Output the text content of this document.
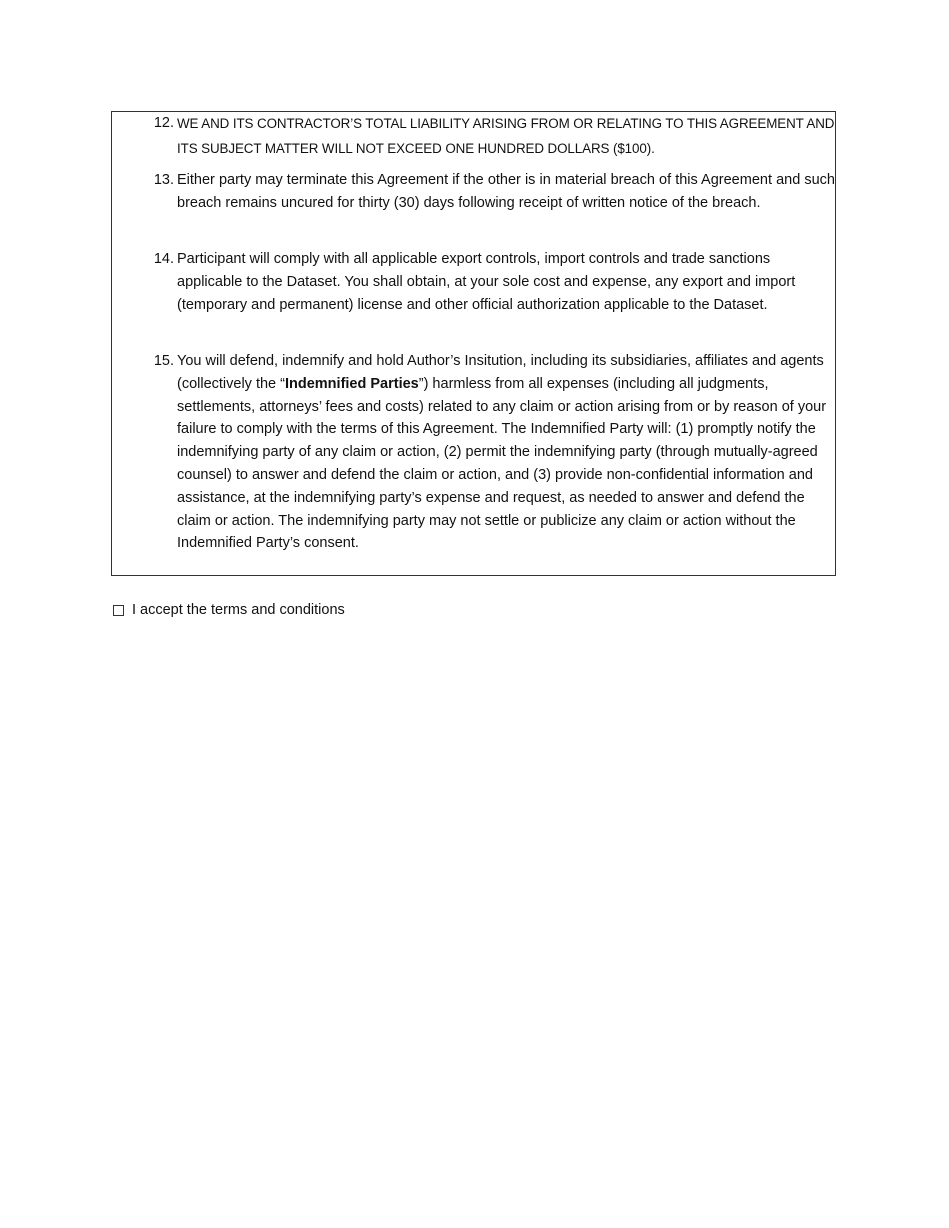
12. WE AND ITS CONTRACTOR’S TOTAL LIABILITY ARISING FROM OR RELATING TO THIS AGREEMENT AND ITS SUBJECT MATTER WILL NOT EXCEED ONE HUNDRED DOLLARS ($100).
13. Either party may terminate this Agreement if the other is in material breach of this Agreement and such breach remains uncured for thirty (30) days following receipt of written notice of the breach.
14. Participant will comply with all applicable export controls, import controls and trade sanctions applicable to the Dataset. You shall obtain, at your sole cost and expense, any export and import (temporary and permanent) license and other official authorization applicable to the Dataset.
15. You will defend, indemnify and hold Author’s Insitution, including its subsidiaries, affiliates and agents (collectively the “Indemnified Parties”) harmless from all expenses (including all judgments, settlements, attorneys’ fees and costs) related to any claim or action arising from or by reason of your failure to comply with the terms of this Agreement. The Indemnified Party will: (1) promptly notify the indemnifying party of any claim or action, (2) permit the indemnifying party (through mutually-agreed counsel) to answer and defend the claim or action, and (3) provide non-confidential information and assistance, at the indemnifying party’s expense and request, as needed to answer and defend the claim or action. The indemnifying party may not settle or publicize any claim or action without the Indemnified Party’s consent.
I accept the terms and conditions
